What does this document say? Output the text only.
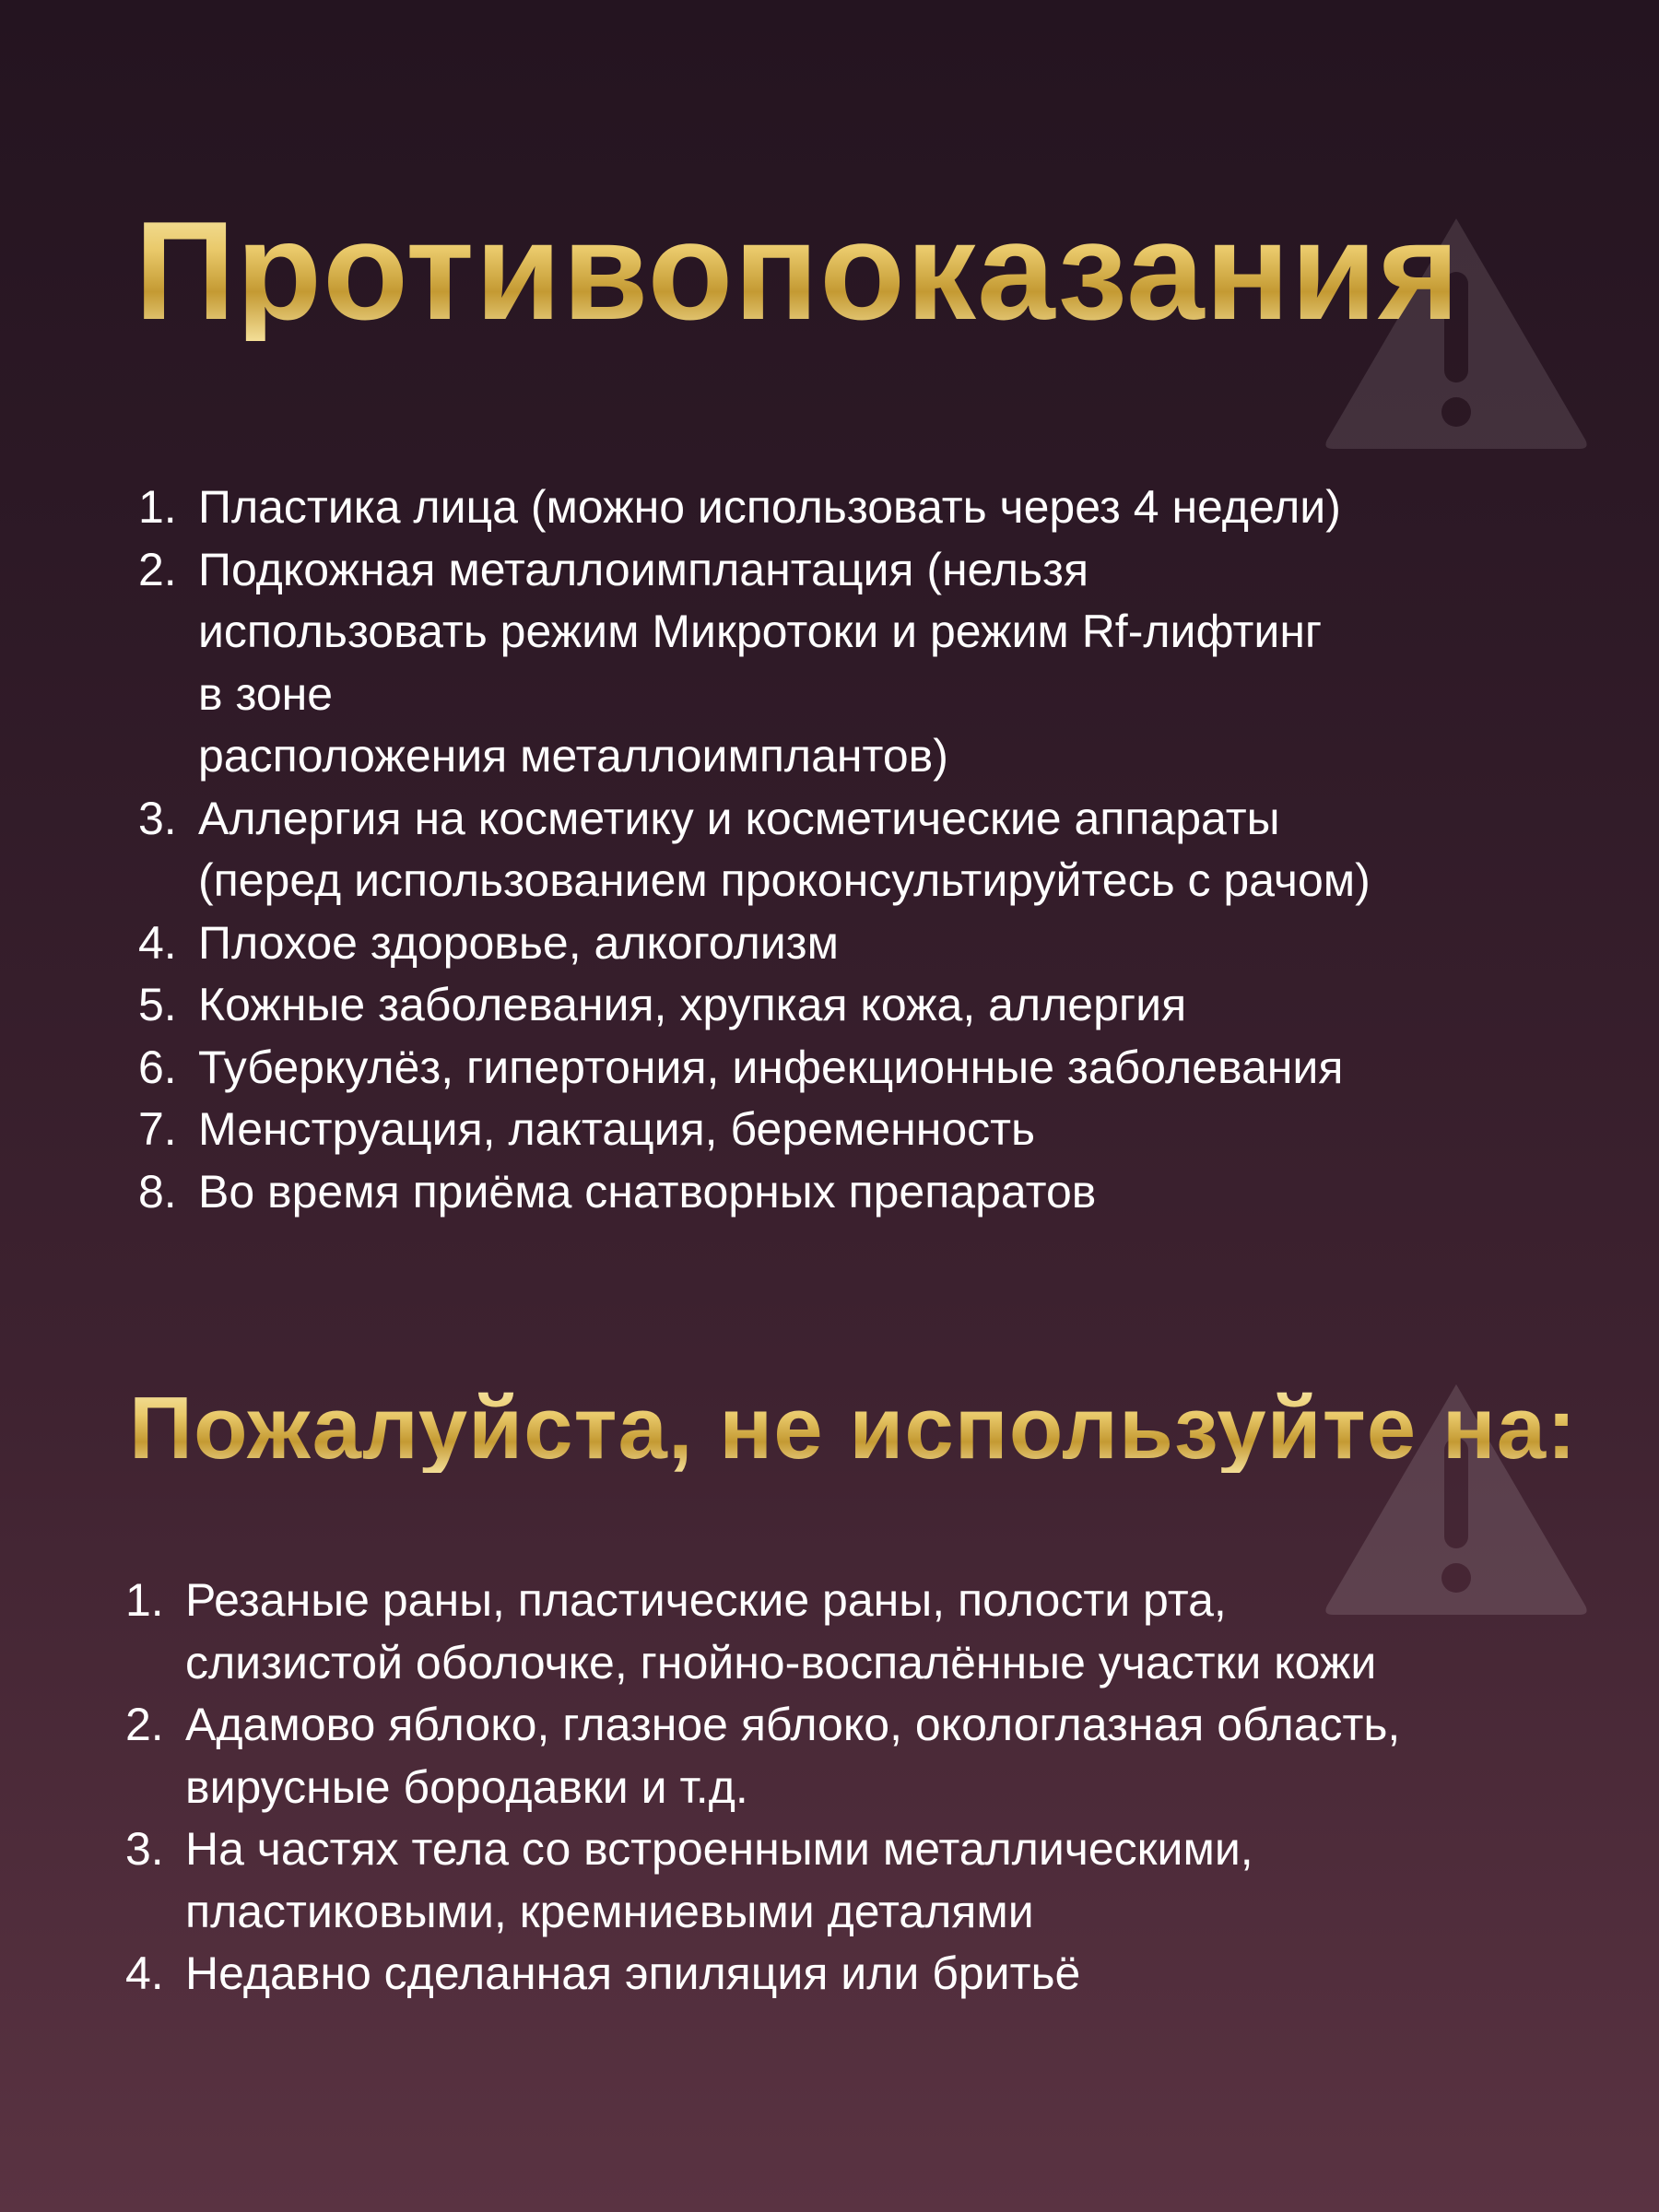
Противопоказания
1. Пластика лица (можно использовать через 4 недели)
2. Подкожная металлоимплантация (нельзя
использовать режим Микротоки и режим Rf-лифтинг
в зоне
расположения металлоимплантов)
3. Аллергия на косметику и косметические аппараты
(перед использованием проконсультируйтесь с рачом)
4. Плохое здоровье, алкоголизм
5. Кожные заболевания, хрупкая кожа, аллергия
6. Туберкулёз, гипертония, инфекционные заболевания
7. Менструация, лактация, беременность
8. Во время приёма снатворных препаратов
Пожалуйста, не используйте на:
1. Резаные раны, пластические раны, полости рта,
слизистой оболочке, гнойно-воспалённые участки кожи
2. Адамово яблоко, глазное яблоко, окологлазная область,
вирусные бородавки и т.д.
3. На частях тела со встроенными металлическими,
пластиковыми, кремниевыми деталями
4. Недавно сделанная эпиляция или бритьё
